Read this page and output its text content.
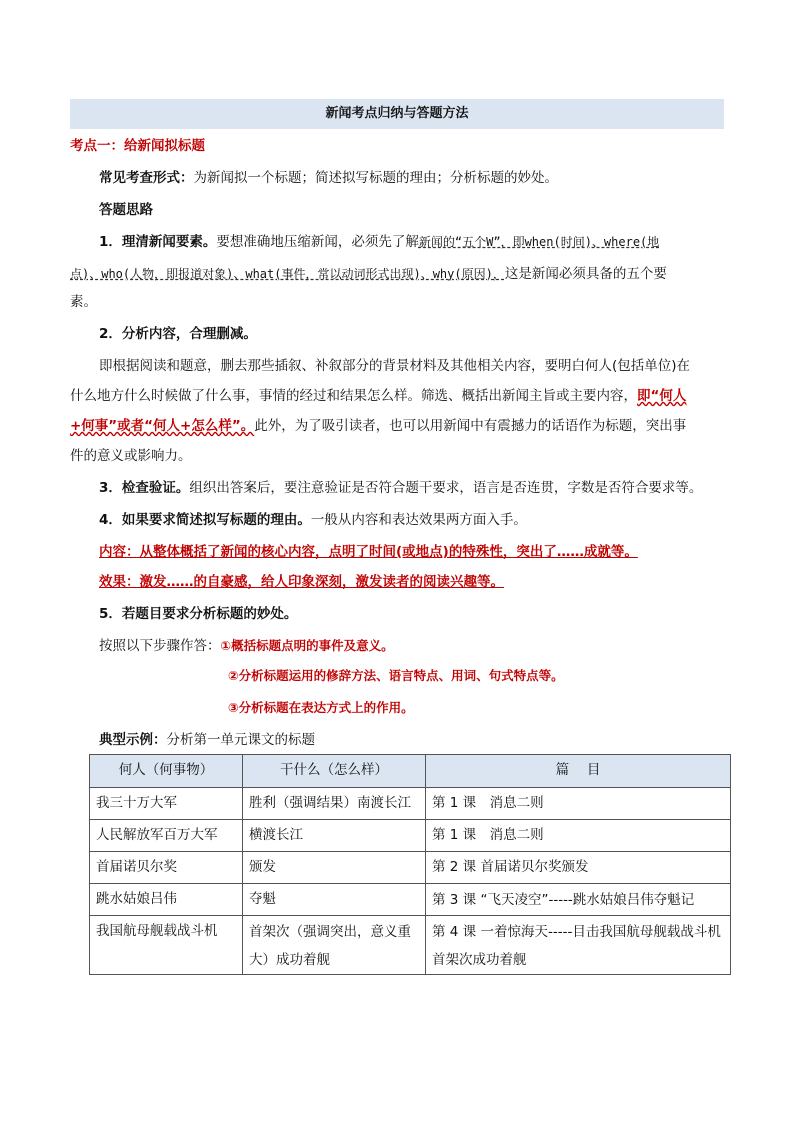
新闻考点归纳与答题方法
考点一：给新闻拟标题
常见考查形式：为新闻拟一个标题；简述拟写标题的理由；分析标题的妙处。
答题思路
1．理清新闻要素。要想准确地压缩新闻，必须先了解新闻的“五个W”，即when(时间)、where(地
点)、who(人物，即报道对象)、what(事件，常以动词形式出现)、why(原因)，这是新闻必须具备的五个要
素。
2．分析内容，合理删减。
即根据阅读和题意，删去那些插叙、补叙部分的背景材料及其他相关内容，要明白何人(包括单位)在
什么地方什么时候做了什么事，事情的经过和结果怎么样。筛选、概括出新闻主旨或主要内容，即“何人
+何事”或者“何人+怎么样”。此外，为了吸引读者，也可以用新闻中有震撼力的话语作为标题，突出事
件的意义或影响力。
3．检查验证。组织出答案后，要注意验证是否符合题干要求，语言是否连贯，字数是否符合要求等。
4．如果要求简述拟写标题的理由。一般从内容和表达效果两方面入手。
内容：从整体概括了新闻的核心内容，点明了时间(或地点)的特殊性，突出了……成就等。
效果：激发……的自豪感，给人印象深刻，激发读者的阅读兴趣等。
5．若题目要求分析标题的妙处。
按照以下步骤作答：①概括标题点明的事件及意义。
②分析标题运用的修辞方法、语言特点、用词、句式特点等。
③分析标题在表达方式上的作用。
典型示例：分析第一单元课文的标题
何人（何事物）	干什么（怎么样）	篇　 目
我三十万大军	胜利（强调结果）南渡长江	第 1 课　消息二则
人民解放军百万大军	横渡长江	第 1 课　消息二则
首届诺贝尔奖	颁发	第 2 课 首届诺贝尔奖颁发
跳水姑娘吕伟	夺魁	第 3 课 “飞天凌空”-----跳水姑娘吕伟夺魁记
我国航母舰载战斗机	首架次（强调突出，意义重大）成功着舰	第 4 课 一着惊海天-----目击我国航母舰载战斗机首架次成功着舰
